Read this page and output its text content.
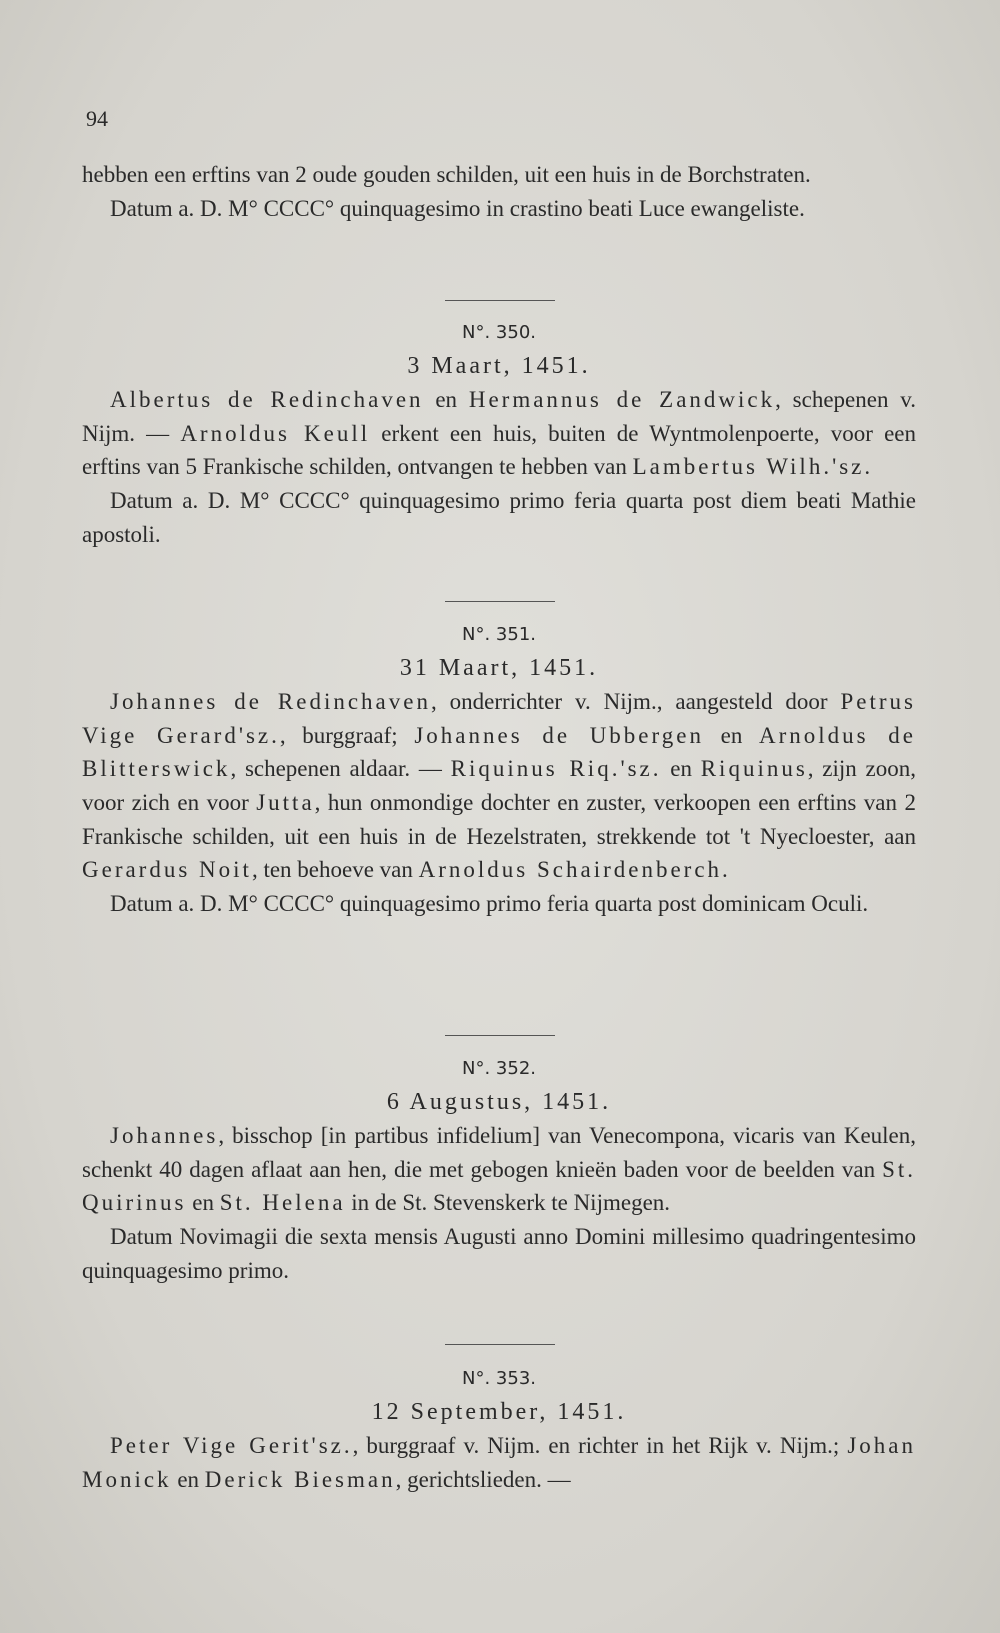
94

hebben een erftins van 2 oude gouden schilden, uit een huis in de Borchstraten.

Datum a. D. M° CCCC° quinquagesimo in crastino beati Luce ewangeliste.

N°. 350.
3 Maart, 1451.

Albertus de Redinchaven en Hermannus de Zandwick, schepenen v. Nijm. — Arnoldus Keull erkent een huis, buiten de Wyntmolenpoerte, voor een erftins van 5 Frankische schilden, ontvangen te hebben van Lambertus Wilh.'sz.

Datum a. D. M° CCCC° quinquagesimo primo feria quarta post diem beati Mathie apostoli.

N°. 351.
31 Maart, 1451.

Johannes de Redinchaven, onderrichter v. Nijm., aangesteld door Petrus Vige Gerard'sz., burggraaf; Johannes de Ubbergen en Arnoldus de Blitterswick, schepenen aldaar. — Riquinus Riq.'sz. en Riquinus, zijn zoon, voor zich en voor Jutta, hun onmondige dochter en zuster, verkoopen een erftins van 2 Frankische schilden, uit een huis in de Hezelstraten, strekkende tot 't Nyecloester, aan Gerardus Noit, ten behoeve van Arnoldus Schairdenberch.

Datum a. D. M° CCCC° quinquagesimo primo feria quarta post dominicam Oculi.

N°. 352.
6 Augustus, 1451.

Johannes, bisschop [in partibus infidelium] van Venecompona, vicaris van Keulen, schenkt 40 dagen aflaat aan hen, die met gebogen knieën baden voor de beelden van St. Quirinus en St. Helena in de St. Stevenskerk te Nijmegen.

Datum Novimagii die sexta mensis Augusti anno Domini millesimo quadringentesimo quinquagesimo primo.

N°. 353.
12 September, 1451.

Peter Vige Gerit'sz., burggraaf v. Nijm. en richter in het Rijk v. Nijm.; Johan Monick en Derick Biesman, gerichtslieden. —
